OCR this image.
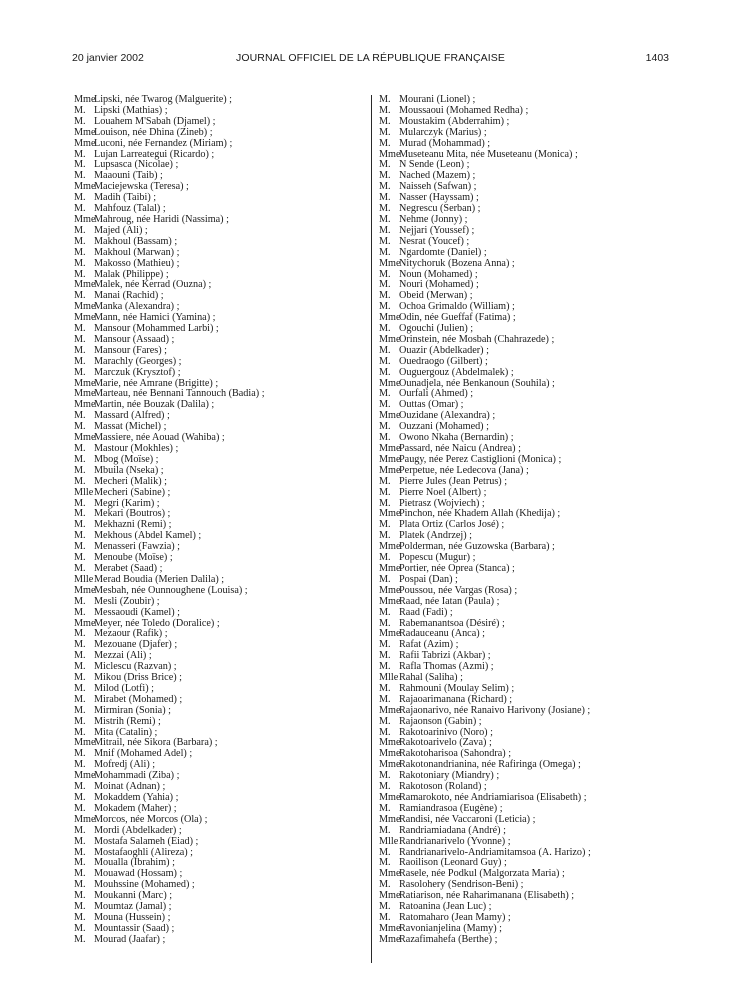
20 janvier 2002	JOURNAL OFFICIEL DE LA RÉPUBLIQUE FRANÇAISE	1403
Mme
Lipski, née Twarog (Malguerite) ;
M. Lipski (Mathias) ;
M. Louahem M'Sabah (Djamel) ;
Mme
Louison, née Dhina (Zineb) ;
Mme
Luconi, née Fernandez (Miriam) ;
M. Lujan Larreategui (Ricardo) ;
M. Lupsasca (Nicolae) ;
M. Maaouni (Taib) ;
Mme
Maciejewska (Teresa) ;
M. Madih (Taibi) ;
M. Mahfouz (Talal) ;
Mme
Mahroug, née Haridi (Nassima) ;
M. Majed (Ali) ;
M. Makhoul (Bassam) ;
M. Makhoul (Marwan) ;
M. Makosso (Mathieu) ;
M. Malak (Philippe) ;
Mme
Malek, née Kerrad (Ouzna) ;
M. Manai (Rachid) ;
Mme
Manka (Alexandra) ;
Mme
Mann, née Hamici (Yamina) ;
M. Mansour (Mohammed Larbi) ;
M. Mansour (Assaad) ;
M. Mansour (Fares) ;
M. Marachly (Georges) ;
M. Marczuk (Krysztof) ;
Mme
Marie, née Amrane (Brigitte) ;
Mme
Marteau, née Bennani Tannouch (Badia) ;
Mme
Martin, née Bouzak (Dalila) ;
M. Massard (Alfred) ;
M. Massat (Michel) ;
Mme
Massiere, née Aouad (Wahiba) ;
M. Mastour (Mokhles) ;
M. Mbog (Moïse) ;
M. Mbuila (Nseka) ;
M. Mecheri (Malik) ;
Mlle Mecheri (Sabine) ;
M. Megri (Karim) ;
M. Mekari (Boutros) ;
M. Mekhazni (Remi) ;
M. Mekhous (Abdel Kamel) ;
M. Menasseri (Fawzia) ;
M. Menoube (Moïse) ;
M. Merabet (Saad) ;
Mlle Merad Boudia (Merien Dalila) ;
Mme
Mesbah, née Ounnoughene (Louisa) ;
M. Mesli (Zoubir) ;
M. Messaoudi (Kamel) ;
Mme
Meyer, née Toledo (Doralice) ;
M. Mezaour (Rafik) ;
M. Mezouane (Djafer) ;
M. Mezzai (Ali) ;
M. Miclescu (Razvan) ;
M. Mikou (Driss Brice) ;
M. Milod (Lotfi) ;
M. Mirabet (Mohamed) ;
M. Mirmiran (Sonia) ;
M. Mistrih (Remi) ;
M. Mita (Catalin) ;
Mme
Mitrail, née Sikora (Barbara) ;
M. Mnif (Mohamed Adel) ;
M. Mofredj (Ali) ;
Mme
Mohammadi (Ziba) ;
M. Moinat (Adnan) ;
M. Mokaddem (Yahia) ;
M. Mokadem (Maher) ;
Mme
Morcos, née Morcos (Ola) ;
M. Mordi (Abdelkader) ;
M. Mostafa Salameh (Eiad) ;
M. Mostafaoghli (Alireza) ;
M. Moualla (Ibrahim) ;
M. Mouawad (Hossam) ;
M. Mouhssine (Mohamed) ;
M. Moukanni (Marc) ;
M. Moumtaz (Jamal) ;
M. Mouna (Hussein) ;
M. Mountassir (Saad) ;
M. Mourad (Jaafar) ;
M. Mourani (Lionel) ;
M. Moussaoui (Mohamed Redha) ;
M. Moustakim (Abderrahim) ;
M. Mularczyk (Marius) ;
M. Murad (Mohammad) ;
Mme
Museteanu Mita, née Museteanu (Monica) ;
M. N Sende (Leon) ;
M. Nached (Mazem) ;
M. Naisseh (Safwan) ;
M. Nasser (Hayssam) ;
M. Negrescu (Serban) ;
M. Nehme (Jonny) ;
M. Nejjari (Youssef) ;
M. Nesrat (Youcef) ;
M. Ngardomte (Daniel) ;
Mme
Nitychoruk (Bozena Anna) ;
M. Noun (Mohamed) ;
M. Nouri (Mohamed) ;
M. Obeid (Merwan) ;
M. Ochoa Grimaldo (William) ;
Mme
Odin, née Gueffaf (Fatima) ;
M. Ogouchi (Julien) ;
Mme
Orinstein, née Mosbah (Chahrazede) ;
M. Ouazir (Abdelkader) ;
M. Ouedraogo (Gilbert) ;
M. Ouguergouz (Abdelmalek) ;
Mme
Ounadjela, née Benkanoun (Souhila) ;
M. Ourfali (Ahmed) ;
M. Outtas (Omar) ;
Mme
Ouzidane (Alexandra) ;
M. Ouzzani (Mohamed) ;
M. Owono Nkaha (Bernardin) ;
Mme
Passard, née Naicu (Andrea) ;
Mme
Paugy, née Perez Castiglioni (Monica) ;
Mme
Perpetue, née Ledecova (Jana) ;
M. Pierre Jules (Jean Petrus) ;
M. Pierre Noel (Albert) ;
M. Pietrasz (Wojviech) ;
Mme
Pinchon, née Khadem Allah (Khedija) ;
M. Plata Ortiz (Carlos José) ;
M. Platek (Andrzej) ;
Mme
Polderman, née Guzowska (Barbara) ;
M. Popescu (Mugur) ;
Mme
Portier, née Oprea (Stanca) ;
M. Pospai (Dan) ;
Mme
Poussou, née Vargas (Rosa) ;
Mme
Raad, née Iatan (Paula) ;
M. Raad (Fadi) ;
M. Rabemanantsoa (Désiré) ;
Mme
Radauceanu (Anca) ;
M. Rafat (Azim) ;
M. Rafii Tabrizi (Akbar) ;
M. Rafla Thomas (Azmi) ;
Mlle Rahal (Saliha) ;
M. Rahmouni (Moulay Selim) ;
M. Rajaoarimanana (Richard) ;
Mme
Rajaonarivo, née Ranaivo Harivony (Josiane) ;
M. Rajaonson (Gabin) ;
M. Rakotoarinivo (Noro) ;
Mme
Rakotoarivelo (Zava) ;
Mme
Rakotoharisoa (Sahondra) ;
Mme
Rakotonandrianina, née Rafiringa (Omega) ;
M. Rakotoniary (Miandry) ;
M. Rakotoson (Roland) ;
Mme
Ramarokoto, née Andriamiarisoa (Elisabeth) ;
M. Ramiandrasoa (Eugène) ;
Mme
Randisi, née Vaccaroni (Leticia) ;
M. Randriamiadana (André) ;
Mlle Randrianarivelo (Yvonne) ;
M. Randrianarivelo-Andriamitamsoa (A. Harizo) ;
M. Raoilison (Leonard Guy) ;
Mme
Rasele, née Podkul (Malgorzata Maria) ;
M. Rasolohery (Sendrison-Beni) ;
Mme
Ratiarison, née Raharimanana (Elisabeth) ;
M. Ratoanina (Jean Luc) ;
M. Ratomaharo (Jean Mamy) ;
Mme
Ravonianjelina (Mamy) ;
Mme
Razafimahefa (Berthe) ;
